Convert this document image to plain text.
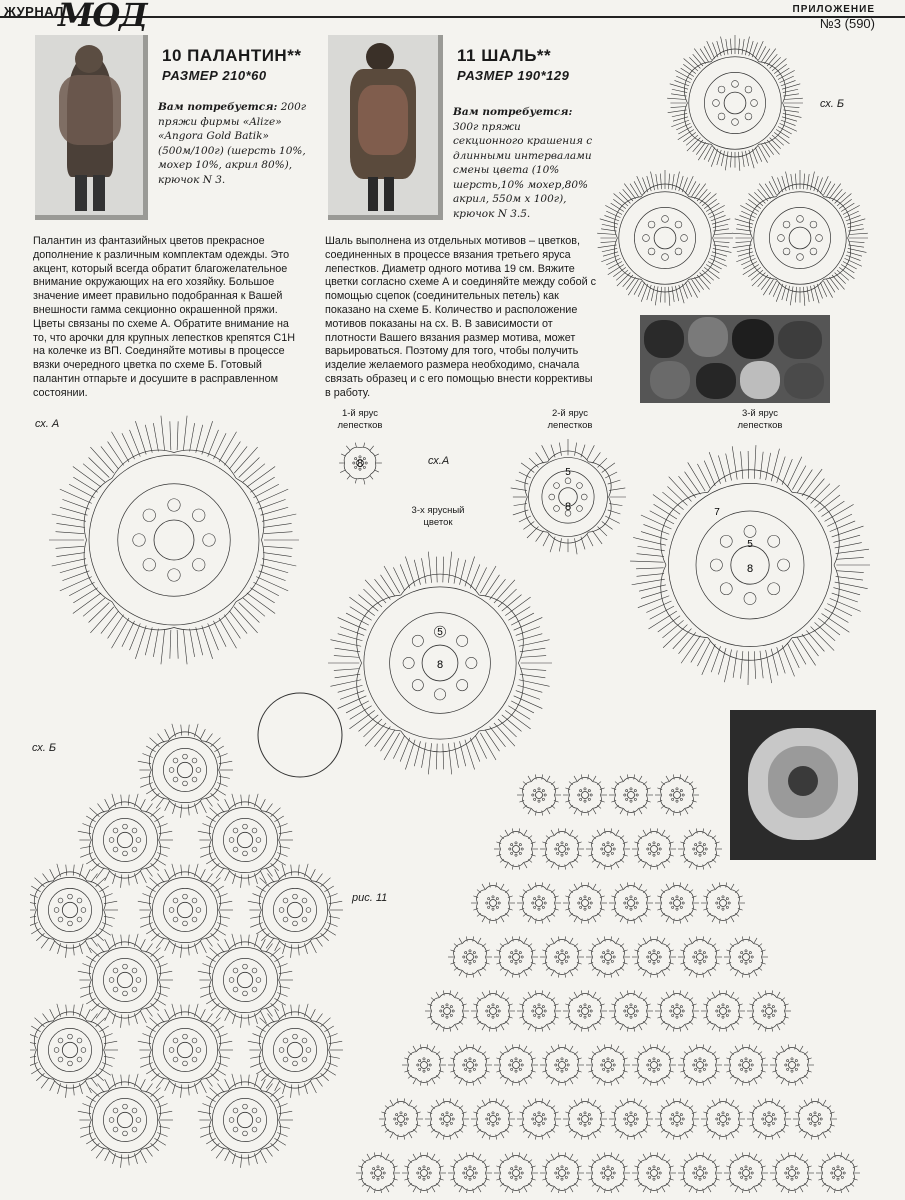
ЖУРНАЛ
МОД	ПРИЛОЖЕНИЕ
№3 (590)
10 ПАЛАНТИН**
РАЗМЕР 210*60
Вам потребуется: 200г пряжи фирмы «Alize» «Angora Gold Batik» (500м/100г) (шерсть 10%, мохер 10%, акрил 80%), крючок N 3.

Палантин из фантазийных цветов прекрасное дополнение к различным комплектам одежды. Это акцент, который всегда обратит благожелательное внимание окружающих на его хозяйку. Большое значение имеет правильно подобранная к Вашей внешности гамма секционно окрашенной пряжи.

Цветы связаны по схеме А. Обратите внимание на то, что арочки для крупных лепестков крепятся С1Н на колечке из ВП. Соединяйте мотивы в процессе вязки очередного цветка по схеме Б. Готовый палантин отпарьте и досушите в расправленном состоянии.

11 ШАЛЬ**
РАЗМЕР 190*129
Вам потребуется: 300г пряжи секционного крашения с длинными интервалами смены цвета (10% шерсть,10% мохер,80% акрил, 550м х 100г), крючок N 3.5.
Шаль выполнена из отдельных мотивов – цветков, соединенных в процессе вязания третьего яруса лепестков. Диаметр одного мотива 19 см. Вяжите цветки согласно схеме А и соединяйте между собой с помощью сцепок (соединительных петель) как показано на схеме Б. Количество и расположение мотивов показаны на сх. В. В зависимости от плотности Вашего вязания размер мотива, может варьироваться. Поэтому для того, чтобы получить изделие желаемого размера необходимо, сначала связать образец и с его помощью внести коррективы в работу.
сх. Б
сх. А
1-й ярус лепестков
сх.А
2-й ярус лепестков
3-й ярус лепестков
3-х ярусный цветок
8
8
5
8
5
8
5
7
сх. Б
рис. 11
